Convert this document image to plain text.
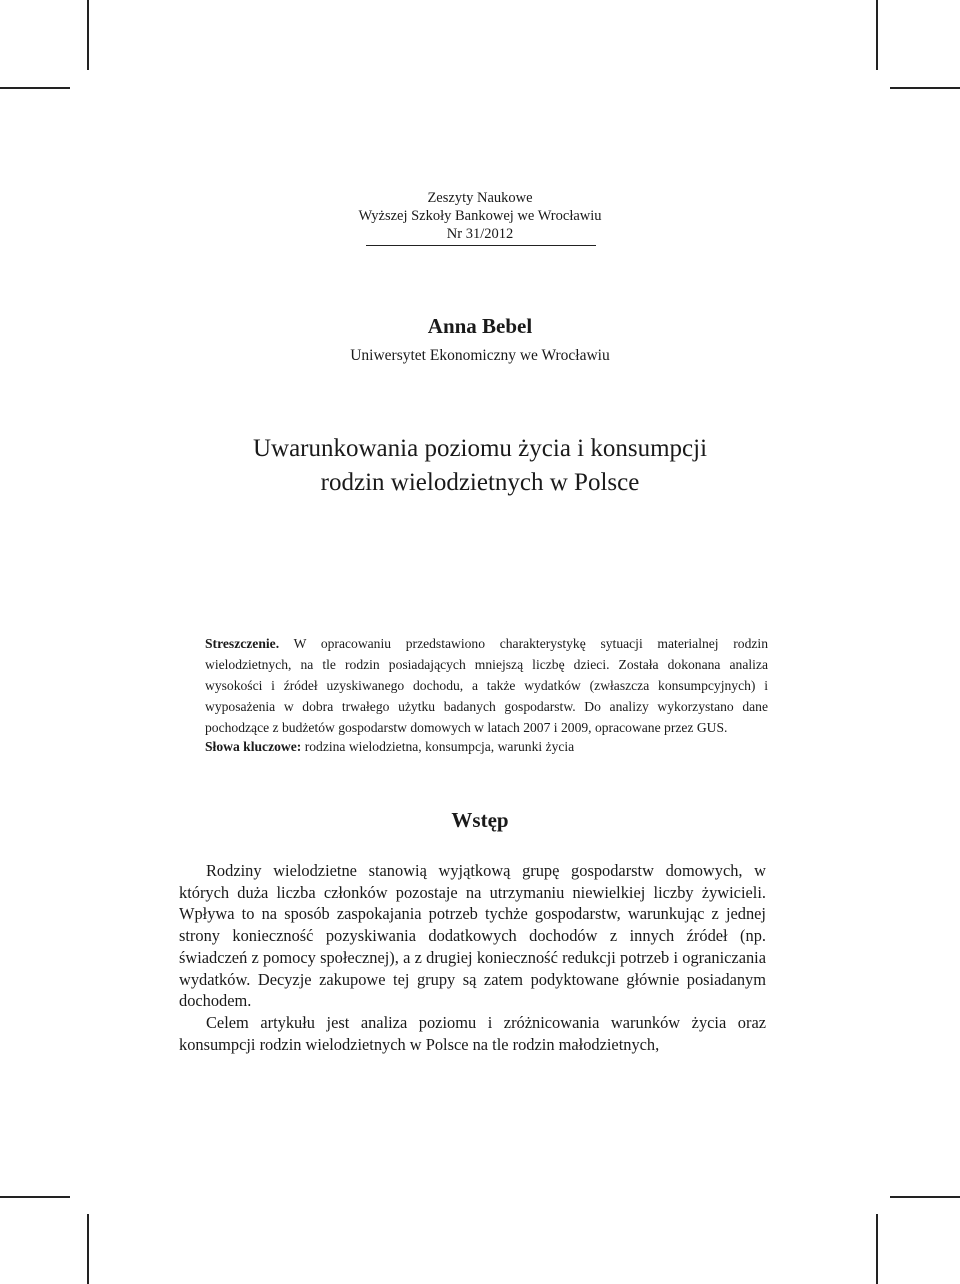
Zeszyty Naukowe
Wyższej Szkoły Bankowej we Wrocławiu
Nr 31/2012
Anna Bebel
Uniwersytet Ekonomiczny we Wrocławiu
Uwarunkowania poziomu życia i konsumpcji
rodzin wielodzietnych w Polsce

Streszczenie. W opracowaniu przedstawiono charakterystykę sytuacji materialnej rodzin wielodzietnych, na tle rodzin posiadających mniejszą liczbę dzieci. Została dokonana analiza wysokości i źródeł uzyskiwanego dochodu, a także wydatków (zwłaszcza konsumpcyjnych) i wyposażenia w dobra trwałego użytku badanych gospodarstw. Do analizy wykorzystano dane pochodzące z budżetów gospodarstw domowych w latach 2007 i 2009, opracowane przez GUS.

Słowa kluczowe: rodzina wielodzietna, konsumpcja, warunki życia

Wstęp

Rodziny wielodzietne stanowią wyjątkową grupę gospodarstw domowych, w których duża liczba członków pozostaje na utrzymaniu niewielkiej liczby żywicieli. Wpływa to na sposób zaspokajania potrzeb tychże gospodarstw, warunkując z jednej strony konieczność pozyskiwania dodatkowych dochodów z innych źródeł (np. świadczeń z pomocy społecznej), a z drugiej konieczność redukcji potrzeb i ograniczania wydatków. Decyzje zakupowe tej grupy są zatem podyktowane głównie posiadanym dochodem.

Celem artykułu jest analiza poziomu i zróżnicowania warunków życia oraz konsumpcji rodzin wielodzietnych w Polsce na tle rodzin małodzietnych,
